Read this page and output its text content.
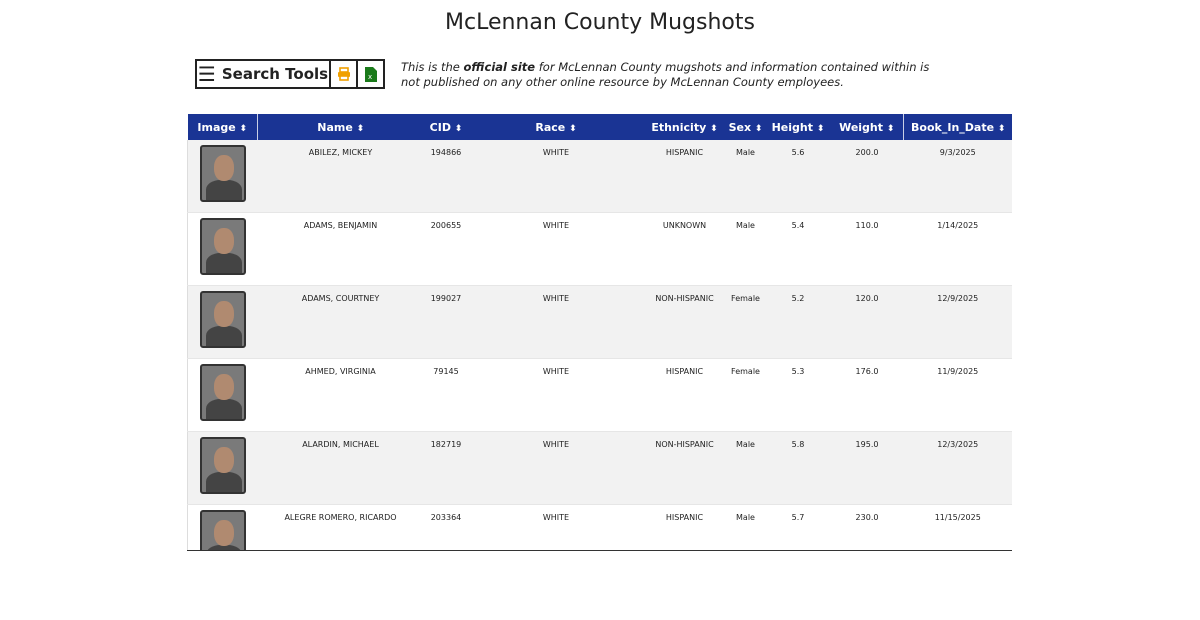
McLennan County Mugshots
☰ Search Tools	x
This is the official site for McLennan County mugshots and information contained within is not published on any other online resource by McLennan County employees.
Image ⬍	Name ⬍	CID ⬍	Race ⬍	Ethnicity ⬍	Sex ⬍	Height ⬍	Weight ⬍	Book_In_Date ⬍

	ABILEZ, MICKEY	194866	WHITE	HISPANIC	Male	5.6	200.0	9/3/2025

	ADAMS, BENJAMIN	200655	WHITE	UNKNOWN	Male	5.4	110.0	1/14/2025

	ADAMS, COURTNEY	199027	WHITE	NON-HISPANIC	Female	5.2	120.0	12/9/2025

	AHMED, VIRGINIA	79145	WHITE	HISPANIC	Female	5.3	176.0	11/9/2025

	ALARDIN, MICHAEL	182719	WHITE	NON-HISPANIC	Male	5.8	195.0	12/3/2025

	ALEGRE ROMERO, RICARDO	203364	WHITE	HISPANIC	Male	5.7	230.0	11/15/2025
